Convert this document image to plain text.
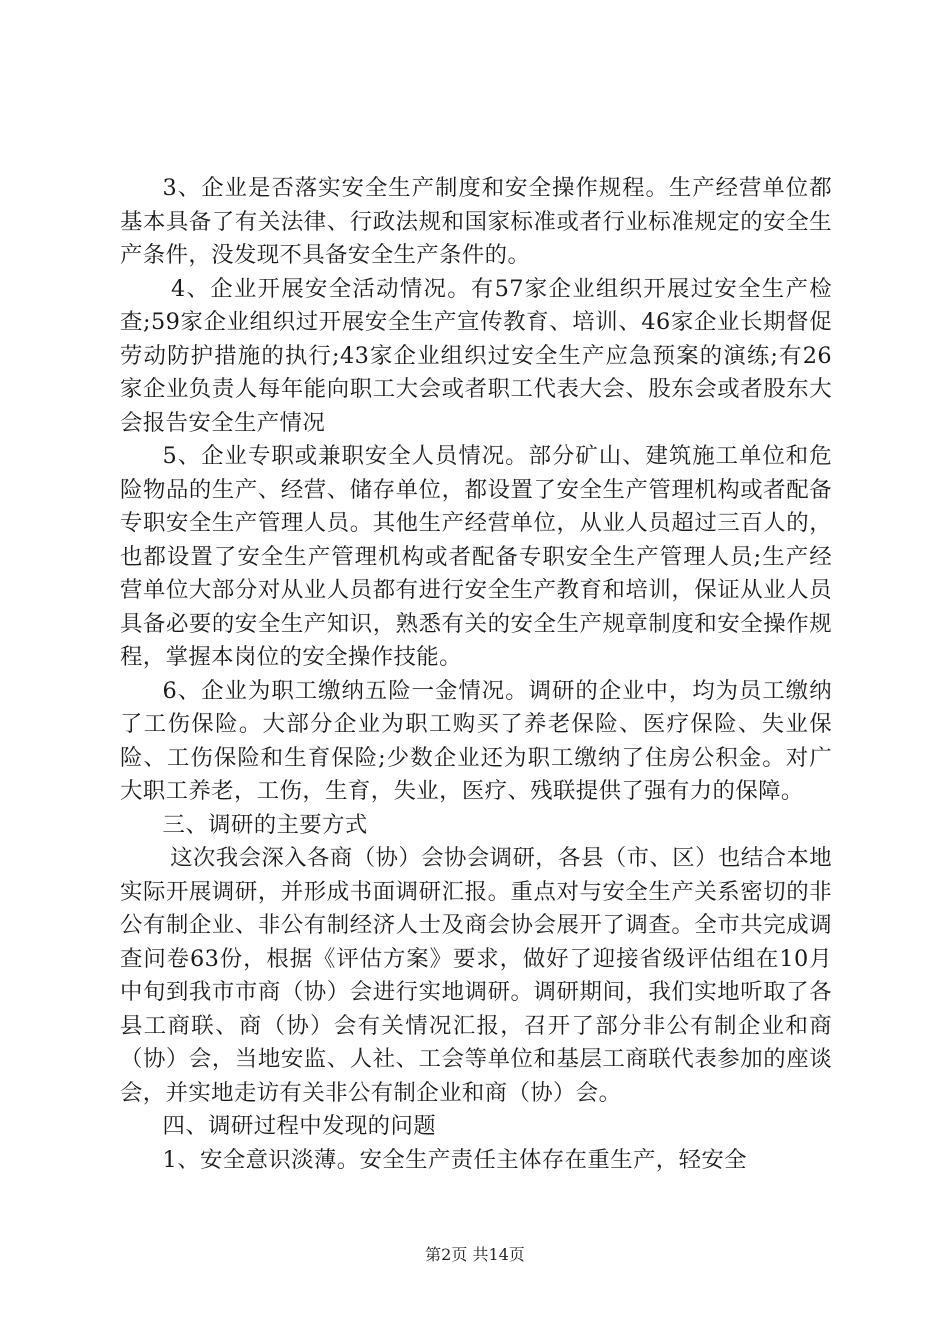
3、企业是否落实安全生产制度和安全操作规程。生产经营单位都基本具备了有关法律、行政法规和国家标准或者行业标准规定的安全生产条件，没发现不具备安全生产条件的。

4、企业开展安全活动情况。有57家企业组织开展过安全生产检查;59家企业组织过开展安全生产宣传教育、培训、46家企业长期督促劳动防护措施的执行;43家企业组织过安全生产应急预案的演练;有26家企业负责人每年能向职工大会或者职工代表大会、股东会或者股东大会报告安全生产情况

5、企业专职或兼职安全人员情况。部分矿山、建筑施工单位和危险物品的生产、经营、储存单位，都设置了安全生产管理机构或者配备专职安全生产管理人员。其他生产经营单位，从业人员超过三百人的，也都设置了安全生产管理机构或者配备专职安全生产管理人员;生产经营单位大部分对从业人员都有进行安全生产教育和培训，保证从业人员具备必要的安全生产知识，熟悉有关的安全生产规章制度和安全操作规程，掌握本岗位的安全操作技能。

6、企业为职工缴纳五险一金情况。调研的企业中，均为员工缴纳了工伤保险。大部分企业为职工购买了养老保险、医疗保险、失业保险、工伤保险和生育保险;少数企业还为职工缴纳了住房公积金。对广大职工养老，工伤，生育，失业，医疗、残联提供了强有力的保障。

三、调研的主要方式

这次我会深入各商（协）会协会调研，各县（市、区）也结合本地实际开展调研，并形成书面调研汇报。重点对与安全生产关系密切的非公有制企业、非公有制经济人士及商会协会展开了调查。全市共完成调查问卷63份，根据《评估方案》要求，做好了迎接省级评估组在10月中旬到我市市商（协）会进行实地调研。调研期间，我们实地听取了各县工商联、商（协）会有关情况汇报，召开了部分非公有制企业和商（协）会，当地安监、人社、工会等单位和基层工商联代表参加的座谈会，并实地走访有关非公有制企业和商（协）会。

四、调研过程中发现的问题

1、安全意识淡薄。安全生产责任主体存在重生产，轻安全

第2页 共14页
